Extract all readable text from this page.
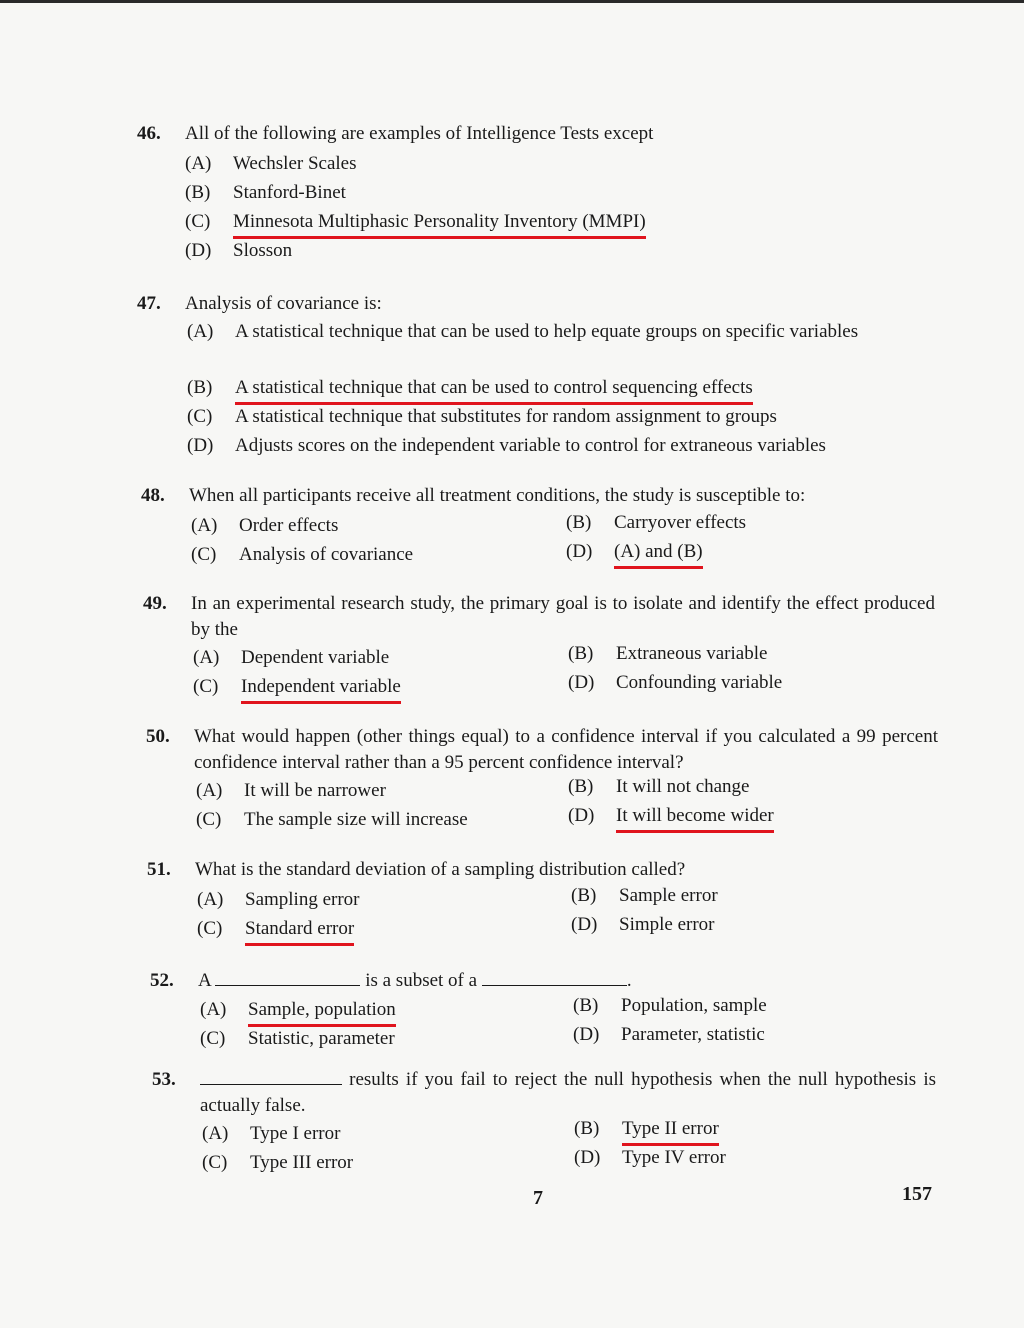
46. All of the following are examples of Intelligence Tests except
(A) Wechsler Scales
(B) Stanford-Binet
(C) Minnesota Multiphasic Personality Inventory (MMPI)
(D) Slosson
47. Analysis of covariance is:
(A) A statistical technique that can be used to help equate groups on specific variables
(B) A statistical technique that can be used to control sequencing effects
(C) A statistical technique that substitutes for random assignment to groups
(D) Adjusts scores on the independent variable to control for extraneous variables
48. When all participants receive all treatment conditions, the study is susceptible to:
(A) Order effects	(B) Carryover effects
(C) Analysis of covariance	(D) (A) and (B)
49. In an experimental research study, the primary goal is to isolate and identify the effect produced by the
(A) Dependent variable	(B) Extraneous variable
(C) Independent variable	(D) Confounding variable
50. What would happen (other things equal) to a confidence interval if you calculated a 99 percent confidence interval rather than a 95 percent confidence interval?
(A) It will be narrower	(B) It will not change
(C) The sample size will increase	(D) It will become wider
51. What is the standard deviation of a sampling distribution called?
(A) Sampling error	(B) Sample error
(C) Standard error	(D) Simple error
52. A	is a subset of a	.
(A) Sample, population	(B) Population, sample
(C) Statistic, parameter	(D) Parameter, statistic
53.	results if you fail to reject the null hypothesis when the null hypothesis is actually false.
(A) Type I error	(B) Type II error
(C) Type III error	(D) Type IV error
7	157
